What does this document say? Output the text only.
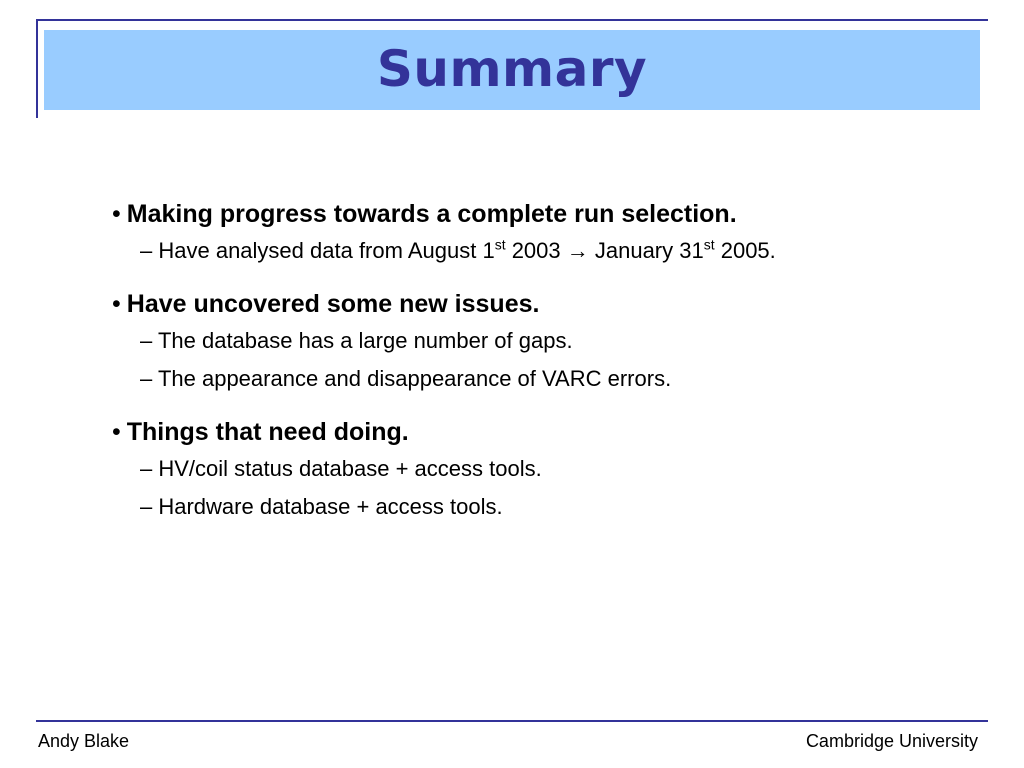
Summary
• Making progress towards a complete run selection.
– Have analysed data from August 1st 2003 → January 31st 2005.
• Have uncovered some new issues.
– The database has a large number of gaps.
– The appearance and disappearance of VARC errors.
• Things that need doing.
– HV/coil status database + access tools.
– Hardware database + access tools.
Andy Blake	Cambridge University
